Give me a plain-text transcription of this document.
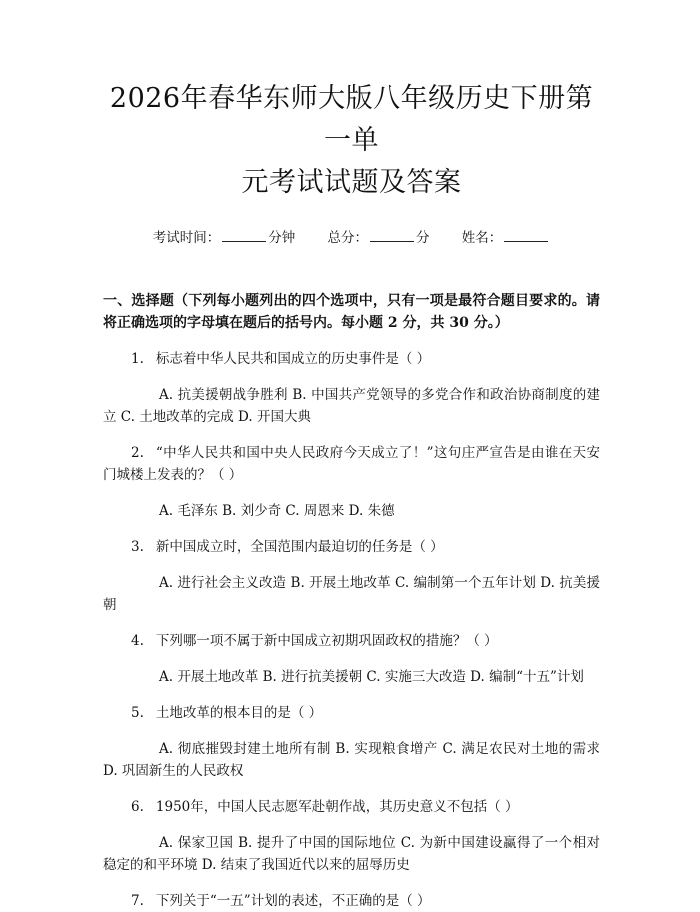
2026年春华东师大版八年级历史下册第一单
元考试试题及答案
考试时间：	分钟 总分：	分 姓名：
一、选择题（下列每小题列出的四个选项中，只有一项是最符合题目要求的。请将正确选项的字母填在题后的括号内。每小题 2 分，共 30 分。）
1. 标志着中华人民共和国成立的历史事件是（ ）
A. 抗美援朝战争胜利 B. 中国共产党领导的多党合作和政治协商制度的建立 C. 土地改革的完成 D. 开国大典
2. “中华人民共和国中央人民政府今天成立了！”这句庄严宣告是由谁在天安门城楼上发表的？（ ）
A. 毛泽东 B. 刘少奇 C. 周恩来 D. 朱德
3. 新中国成立时，全国范围内最迫切的任务是（ ）
A. 进行社会主义改造 B. 开展土地改革 C. 编制第一个五年计划 D. 抗美援朝
4. 下列哪一项不属于新中国成立初期巩固政权的措施？（ ）
A. 开展土地改革 B. 进行抗美援朝 C. 实施三大改造 D. 编制“十五”计划
5. 土地改革的根本目的是（ ）
A. 彻底摧毁封建土地所有制 B. 实现粮食增产 C. 满足农民对土地的需求 D. 巩固新生的人民政权
6. 1950年，中国人民志愿军赴朝作战，其历史意义不包括（ ）
A. 保家卫国 B. 提升了中国的国际地位 C. 为新中国建设赢得了一个相对稳定的和平环境 D. 结束了我国近代以来的屈辱历史
7. 下列关于“一五”计划的表述，不正确的是（ ）
